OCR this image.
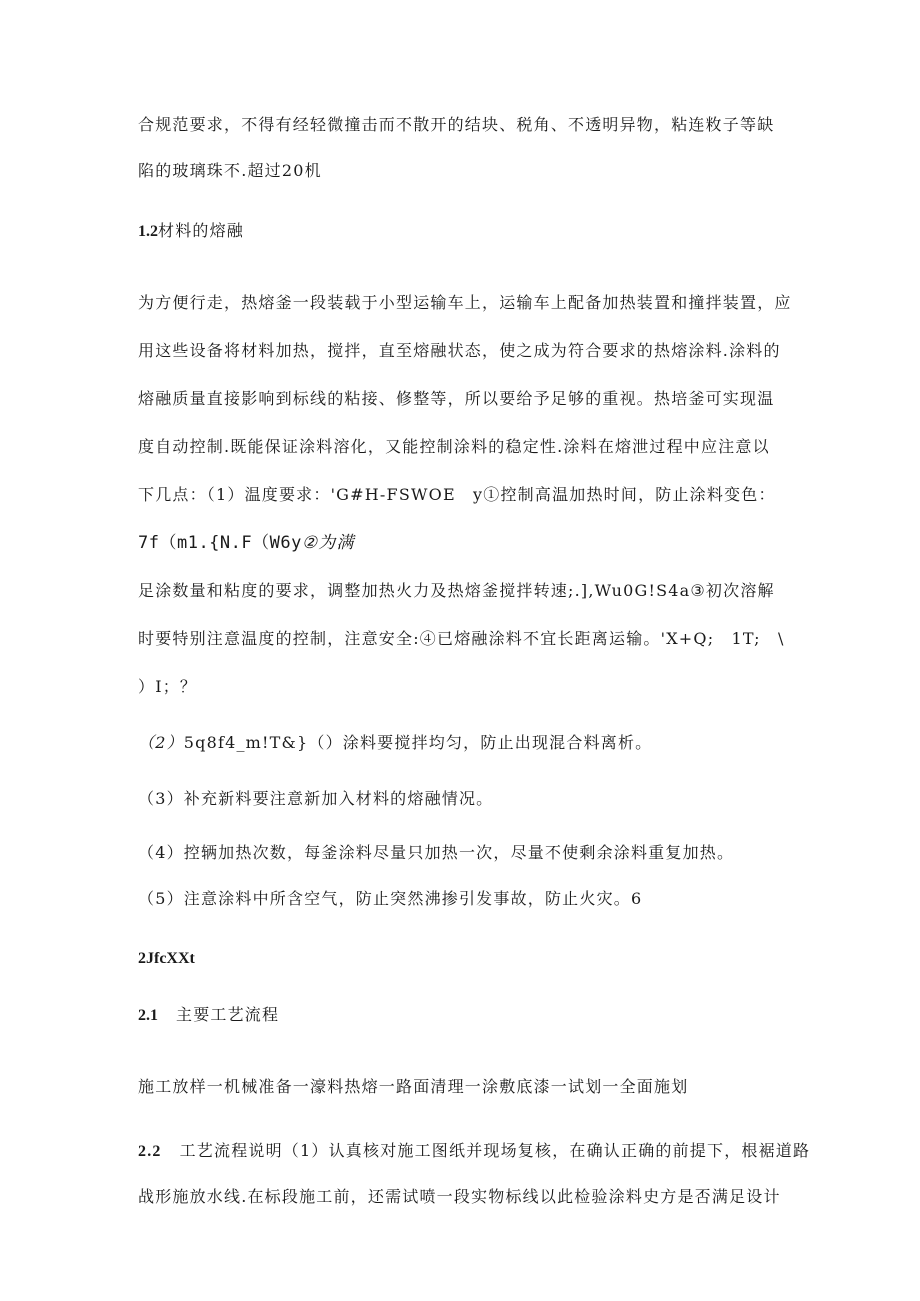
合规范要求，不得有经轻微撞击而不散开的结块、税角、不透明异物，粘连敉子等缺
陷的玻璃珠不.超过20机
1.2材料的熔融
为方便行走，热熔釜一段装载于小型运输车上，运输车上配备加热装置和撞拌装置，应
用这些设备将材料加热，搅拌，直至熔融状态，使之成为符合要求的热熔涂料.涂料的
熔融质量直接影响到标线的粘接、修整等，所以要给予足够的重视。热培釜可实现温
度自动控制.既能保证涂料溶化，又能控制涂料的稳定性.涂料在熔泄过程中应注意以
下几点：（1）温度要求：'G#H-FSWOE　y①控制高温加热时间，防止涂料变色：
7f（m1.{N.F（W6y②为满
足涂数量和粘度的要求，调整加热火力及热熔釜搅拌转速;.],Wu0G!S4a③初次溶解
时要特别注意温度的控制，注意安全:④已熔融涂料不宜长距离运输。'X+Q;　1T;　\
）I；？
（2）5q8f4_m!T&}（）涂料要搅拌均匀，防止出现混合料离析。
（3）补充新料要注意新加入材料的熔融情况。
（4）控辆加热次数，每釜涂料尽量只加热一次，尽量不使剩余涂料重复加热。
（5）注意涂料中所含空气，防止突然沸掺引发事故，防止火灾。6
2JfcXXt
2.1 主要工艺流程
施工放样一机械准备一濠料热熔一路面清理一涂敷底漆一试划一全面施划
2.2 工艺流程说明（1）认真核对施工图纸并现场复核，在确认正确的前提下，根裾道路
战形施放水线.在标段施工前，还需试喷一段实物标线以此检验涂料史方是否满足设计
